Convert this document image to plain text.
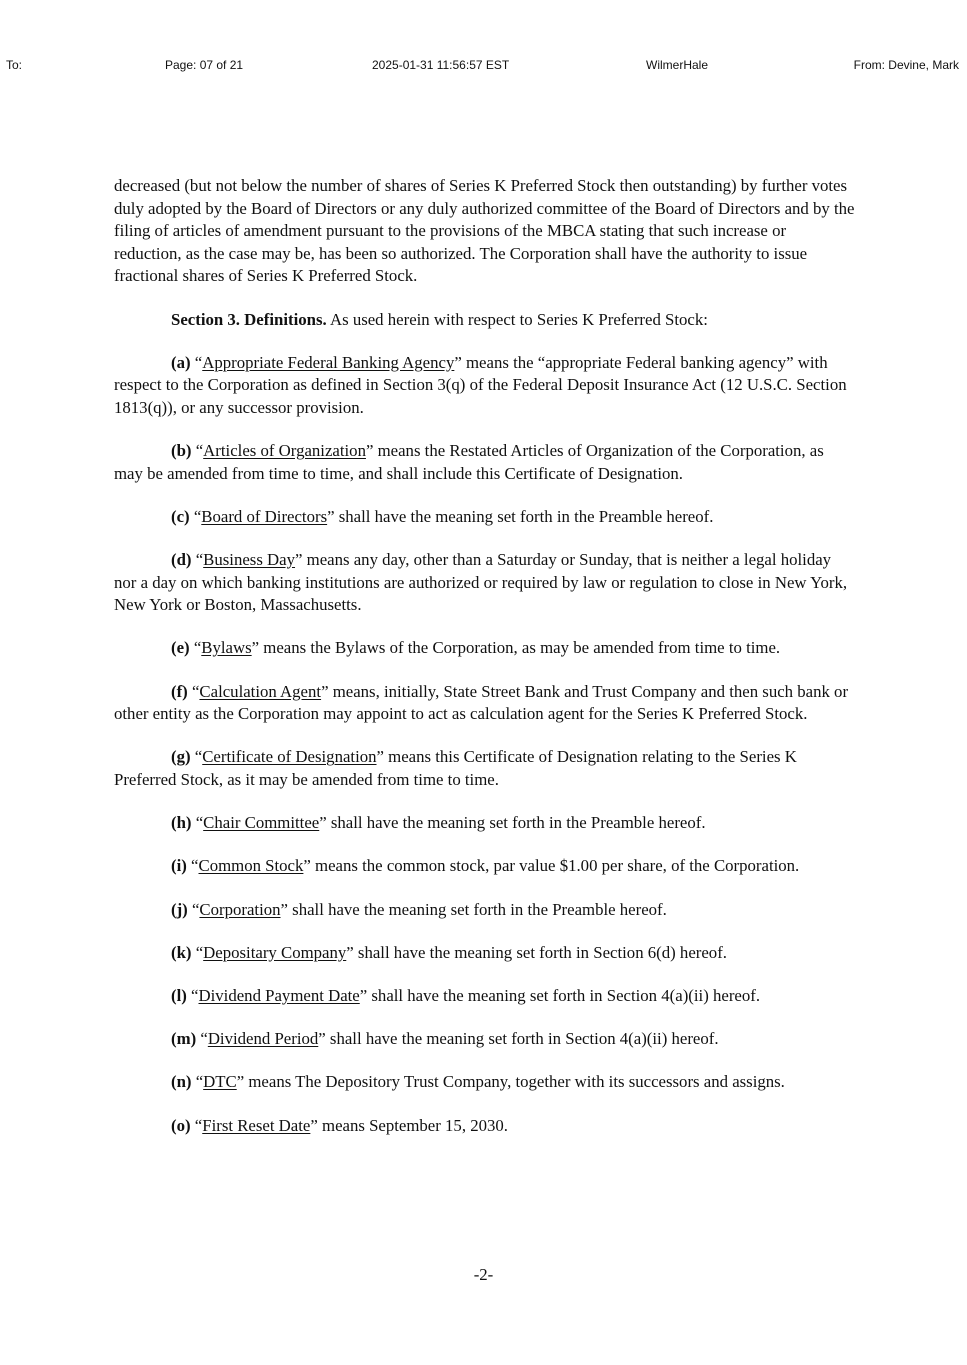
To:	Page: 07 of 21	2025-01-31 11:56:57 EST	WilmerHale	From: Devine, Mark

decreased (but not below the number of shares of Series K Preferred Stock then outstanding) by further votes duly adopted by the Board of Directors or any duly authorized committee of the Board of Directors and by the filing of articles of amendment pursuant to the provisions of the MBCA stating that such increase or reduction, as the case may be, has been so authorized. The Corporation shall have the authority to issue fractional shares of Series K Preferred Stock.

Section 3. Definitions. As used herein with respect to Series K Preferred Stock:

(a) “Appropriate Federal Banking Agency” means the “appropriate Federal banking agency” with respect to the Corporation as defined in Section 3(q) of the Federal Deposit Insurance Act (12 U.S.C. Section 1813(q)), or any successor provision.

(b) “Articles of Organization” means the Restated Articles of Organization of the Corporation, as may be amended from time to time, and shall include this Certificate of Designation.

(c) “Board of Directors” shall have the meaning set forth in the Preamble hereof.

(d) “Business Day” means any day, other than a Saturday or Sunday, that is neither a legal holiday nor a day on which banking institutions are authorized or required by law or regulation to close in New York, New York or Boston, Massachusetts.

(e) “Bylaws” means the Bylaws of the Corporation, as may be amended from time to time.

(f) “Calculation Agent” means, initially, State Street Bank and Trust Company and then such bank or other entity as the Corporation may appoint to act as calculation agent for the Series K Preferred Stock.

(g) “Certificate of Designation” means this Certificate of Designation relating to the Series K Preferred Stock, as it may be amended from time to time.

(h) “Chair Committee” shall have the meaning set forth in the Preamble hereof.

(i) “Common Stock” means the common stock, par value $1.00 per share, of the Corporation.

(j) “Corporation” shall have the meaning set forth in the Preamble hereof.

(k) “Depositary Company” shall have the meaning set forth in Section 6(d) hereof.

(l) “Dividend Payment Date” shall have the meaning set forth in Section 4(a)(ii) hereof.

(m) “Dividend Period” shall have the meaning set forth in Section 4(a)(ii) hereof.

(n) “DTC” means The Depository Trust Company, together with its successors and assigns.

(o) “First Reset Date” means September 15, 2030.

-2-
